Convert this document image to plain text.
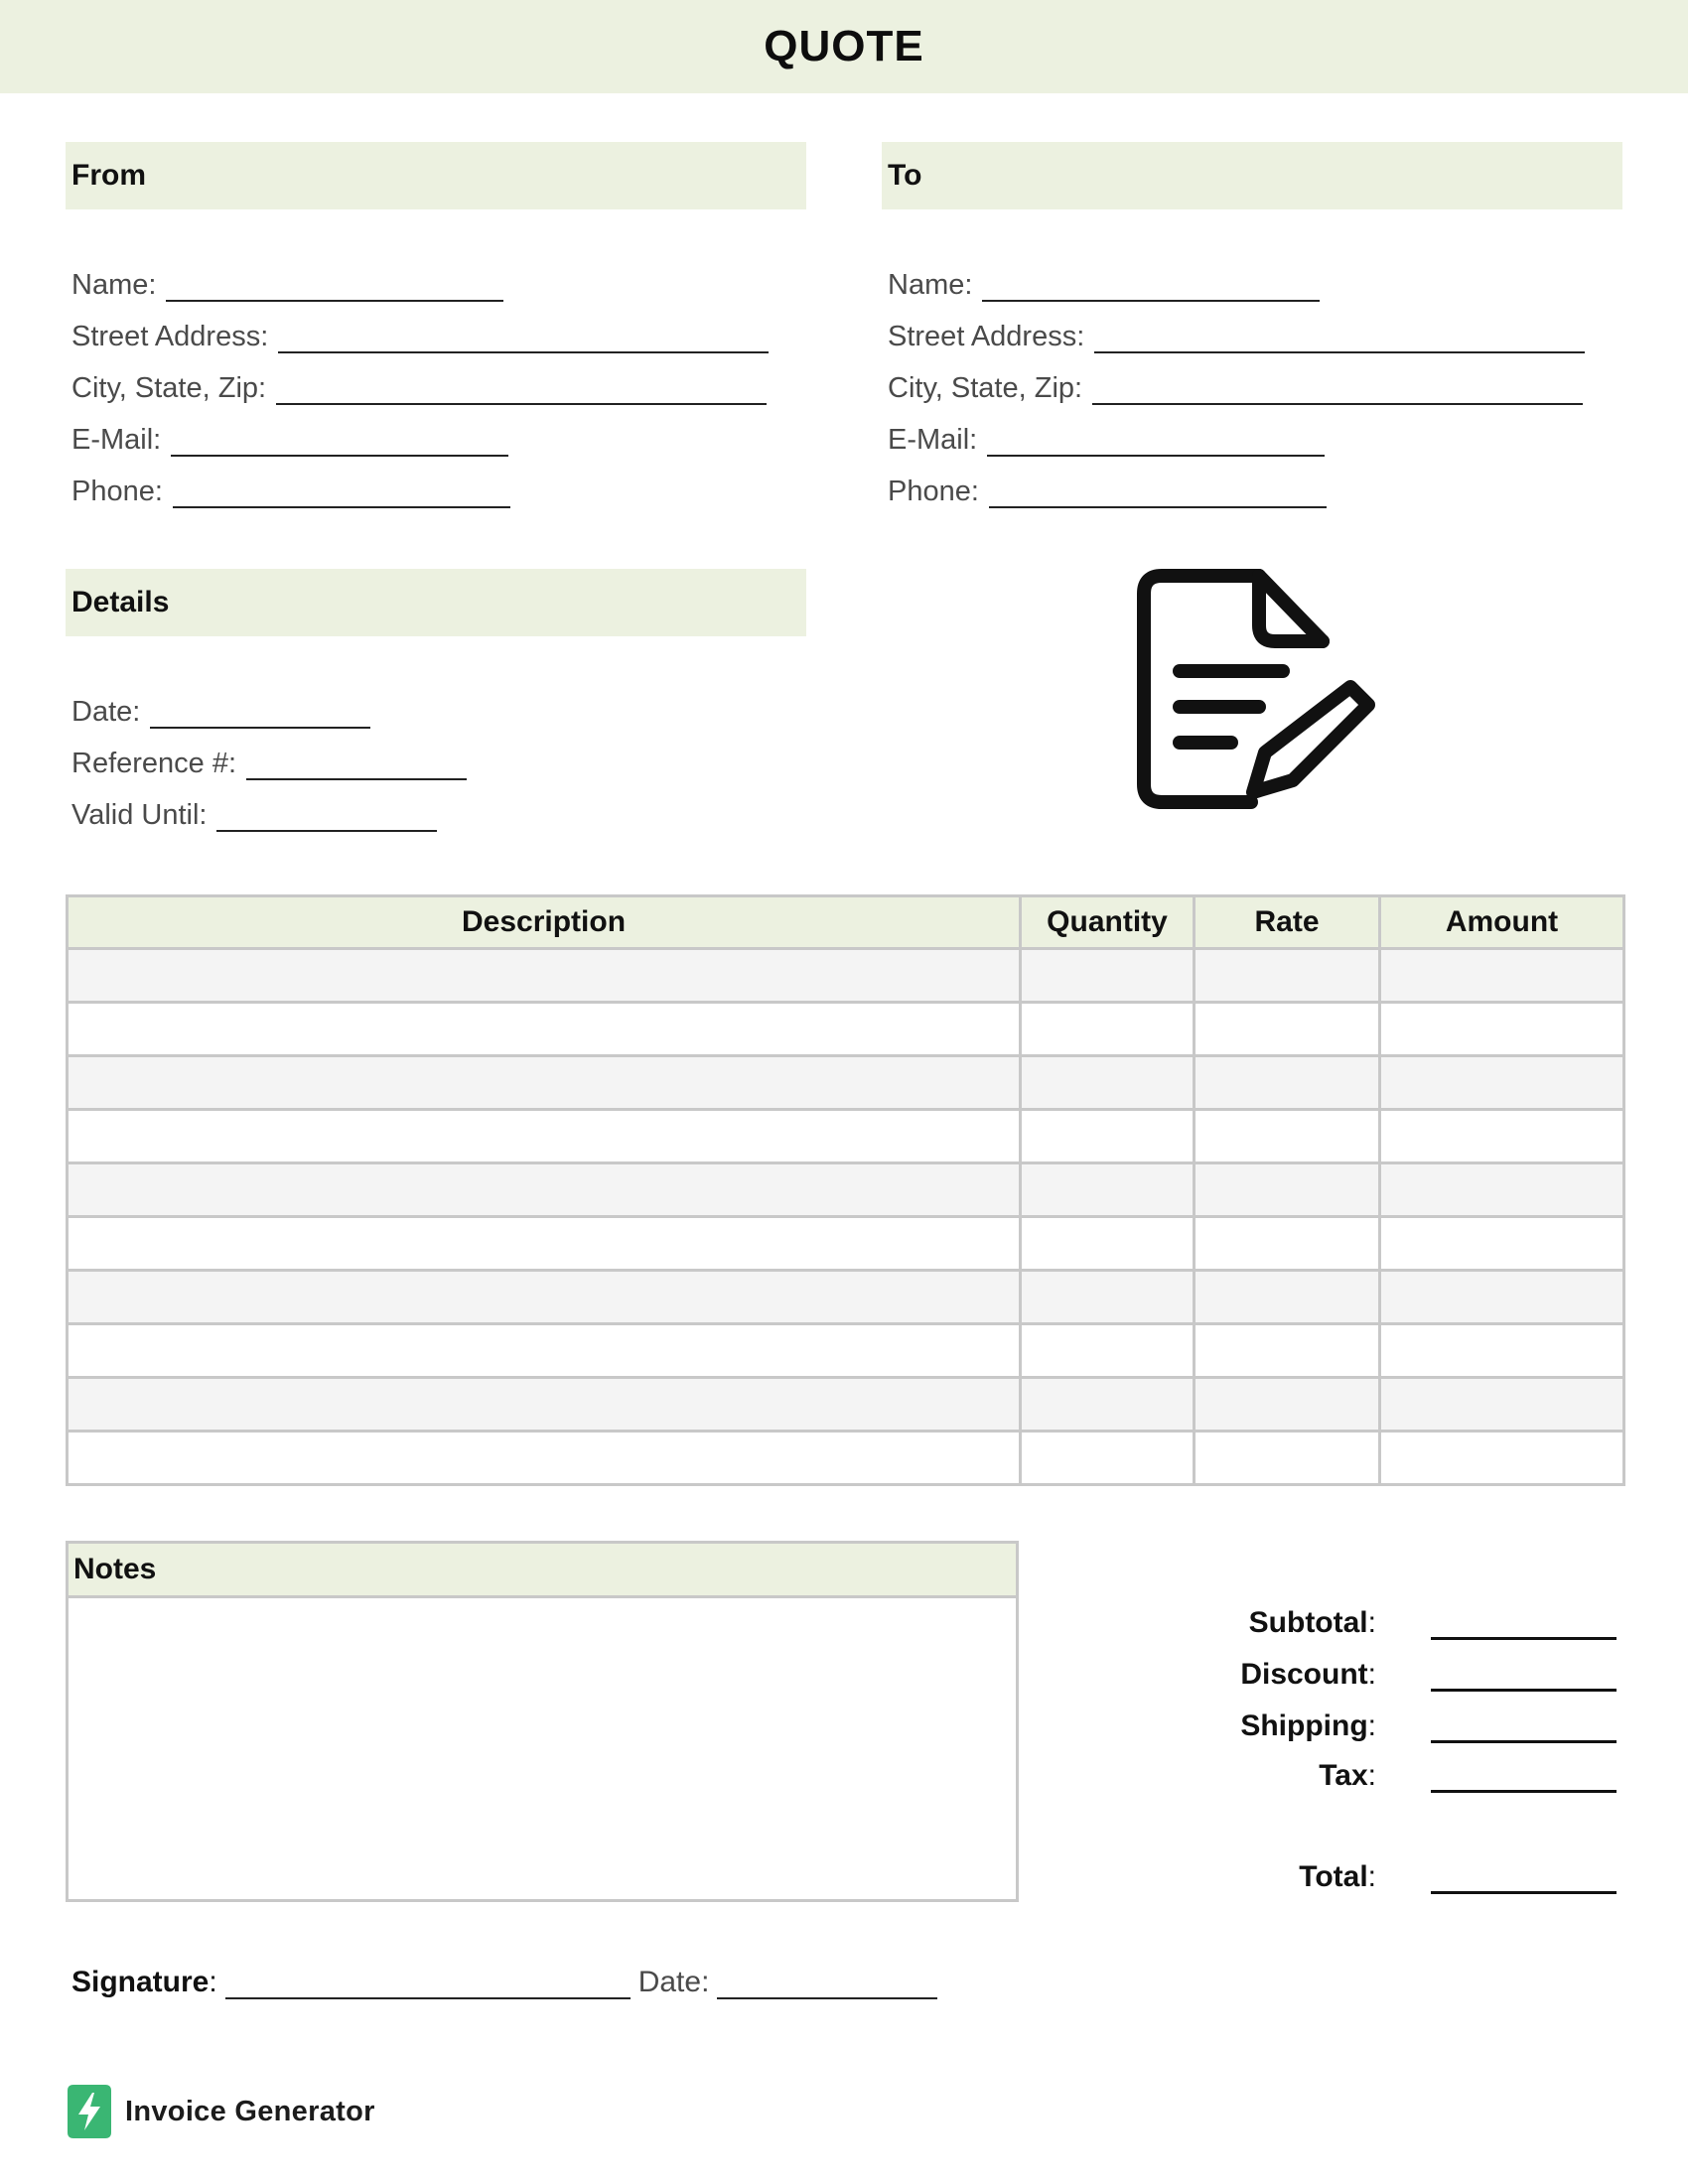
QUOTE
From
Name:
Street Address:
City, State, Zip:
E-Mail:
Phone:
To
Name:
Street Address:
City, State, Zip:
E-Mail:
Phone:
Details
Date:
Reference #:
Valid Until:
Description	Quantity	Rate	Amount

Notes
Subtotal:
Discount:
Shipping:
Tax:
Total:
Signature:	Date:
Invoice Generator
